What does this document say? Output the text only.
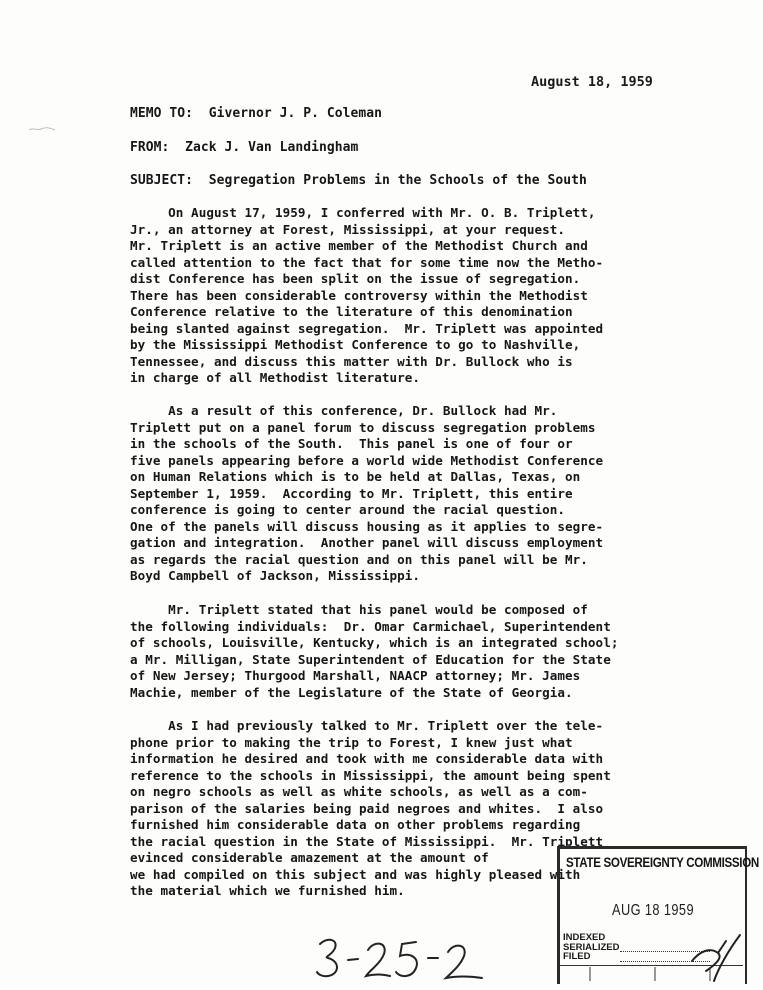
August 18, 1959
MEMO TO:  Givernor J. P. Coleman
FROM:  Zack J. Van Landingham
SUBJECT:  Segregation Problems in the Schools of the South
On August 17, 1959, I conferred with Mr. O. B. Triplett,
Jr., an attorney at Forest, Mississippi, at your request.
Mr. Triplett is an active member of the Methodist Church and
called attention to the fact that for some time now the Metho-
dist Conference has been split on the issue of segregation.
There has been considerable controversy within the Methodist
Conference relative to the literature of this denomination
being slanted against segregation.  Mr. Triplett was appointed
by the Mississippi Methodist Conference to go to Nashville,
Tennessee, and discuss this matter with Dr. Bullock who is
in charge of all Methodist literature.
As a result of this conference, Dr. Bullock had Mr.
Triplett put on a panel forum to discuss segregation problems
in the schools of the South.  This panel is one of four or
five panels appearing before a world wide Methodist Conference
on Human Relations which is to be held at Dallas, Texas, on
September 1, 1959.  According to Mr. Triplett, this entire
conference is going to center around the racial question.
One of the panels will discuss housing as it applies to segre-
gation and integration.  Another panel will discuss employment
as regards the racial question and on this panel will be Mr.
Boyd Campbell of Jackson, Mississippi.
Mr. Triplett stated that his panel would be composed of
the following individuals:  Dr. Omar Carmichael, Superintendent
of schools, Louisville, Kentucky, which is an integrated school;
a Mr. Milligan, State Superintendent of Education for the State
of New Jersey; Thurgood Marshall, NAACP attorney; Mr. James
Machie, member of the Legislature of the State of Georgia.
As I had previously talked to Mr. Triplett over the tele-
phone prior to making the trip to Forest, I knew just what
information he desired and took with me considerable data with
reference to the schools in Mississippi, the amount being spent
on negro schools as well as white schools, as well as a com-
parison of the salaries being paid negroes and whites.  I also
furnished him considerable data on other problems regarding
the racial question in the State of Mississippi.  Mr. Triplett
evinced considerable amazement at the amount of
we had compiled on this subject and was highly pleased with
the material which we furnished him.
STATE SOVEREIGNTY COMMISSION
AUG 18 1959
INDEXED
SERIALIZED
FILED
